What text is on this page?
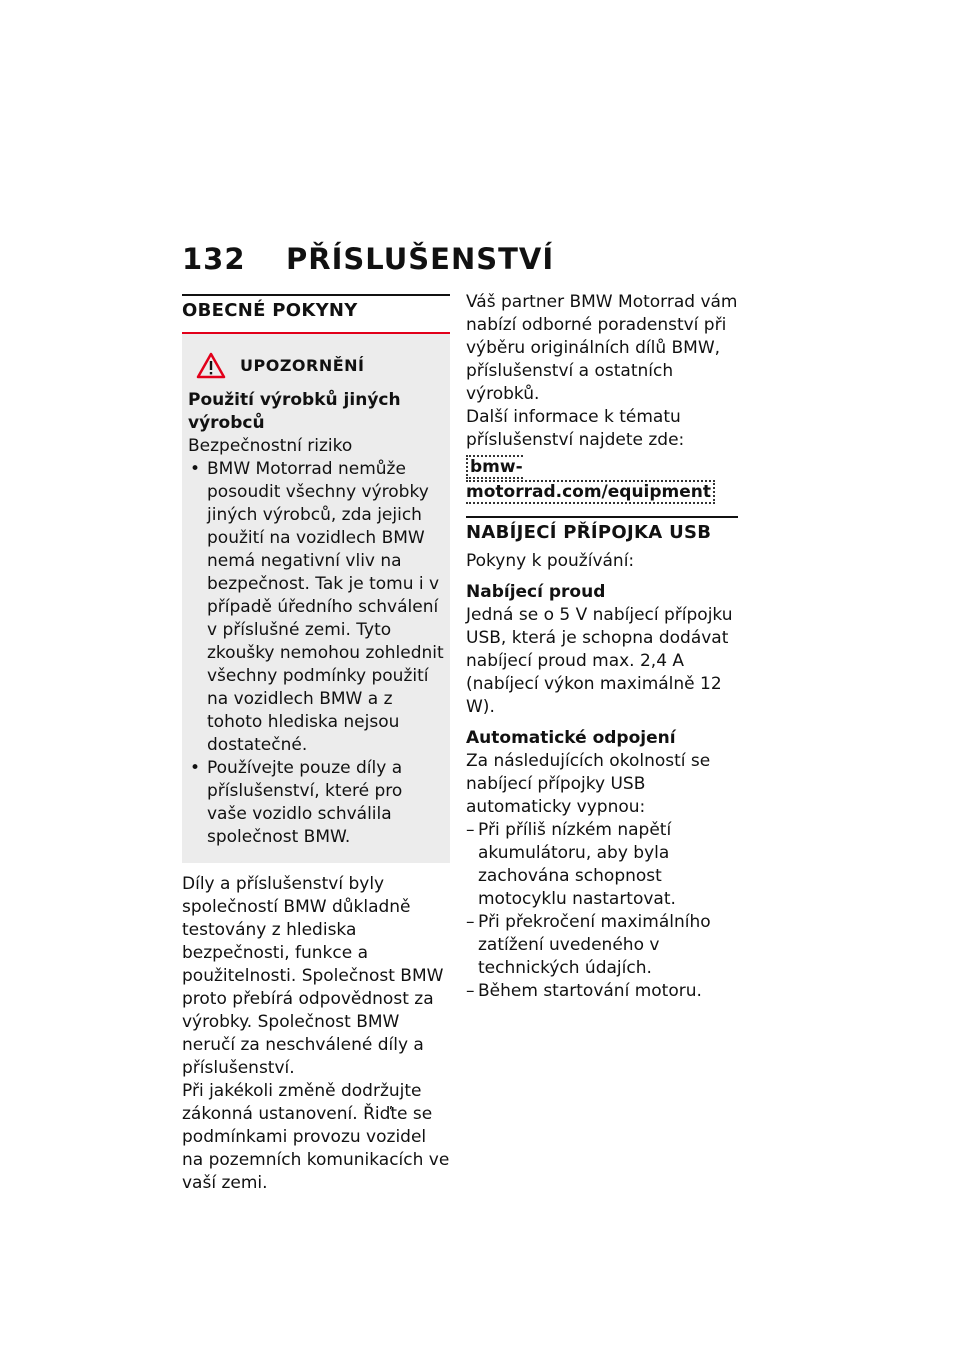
132 PŘÍSLUŠENSTVÍ
OBECNÉ POKYNY
UPOZORNĚNÍ
Použití výrobků jiných výrobců
Bezpečnostní riziko
• BMW Motorrad nemůže posoudit všechny výrobky jiných výrobců, zda jejich použití na vozidlech BMW nemá negativní vliv na bezpečnost. Tak je tomu i v případě úředního schválení v příslušné zemi. Tyto zkoušky nemohou zohlednit všechny podmínky použití na vozidlech BMW a z tohoto hlediska nejsou dostatečné.
• Používejte pouze díly a příslušenství, které pro vaše vozidlo schválila společnost BMW.
Díly a příslušenství byly společností BMW důkladně testovány z hlediska bezpečnosti, funkce a použitelnosti. Společnost BMW proto přebírá odpovědnost za výrobky. Společnost BMW neručí za neschválené díly a příslušenství.
Při jakékoli změně dodržujte zákonná ustanovení. Řiďte se podmínkami provozu vozidel na pozemních komunikacích ve vaší zemi.
Váš partner BMW Motorrad vám nabízí odborné poradenství při výběru originálních dílů BMW, příslušenství a ostatních výrobků.
Další informace k tématu příslušenství najdete zde:
bmw-motorrad.com/equipment
NABÍJECÍ PŘÍPOJKA USB
Pokyny k používání:
Nabíjecí proud
Jedná se o 5 V nabíjecí přípojku USB, která je schopna dodávat nabíjecí proud max. 2,4 A (nabíjecí výkon maximálně 12 W).
Automatické odpojení
Za následujících okolností se nabíjecí přípojky USB automaticky vypnou:
– Při příliš nízkém napětí akumulátoru, aby byla zachována schopnost motocyklu nastartovat.
– Při překročení maximálního zatížení uvedeného v technických údajích.
– Během startování motoru.
